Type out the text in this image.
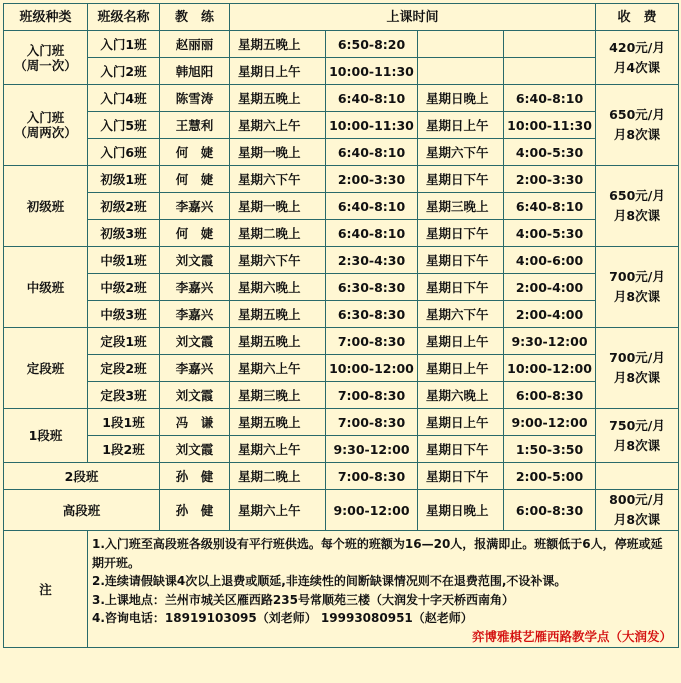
班级种类	班级名称	教　练	上课时间				收　费

入门班
（周一次）	入门1班	赵丽丽	星期五晚上	6:50-8:20			420元/月
月4次课

	入门2班	韩旭阳	星期日上午	10:00-11:30			

入门班
（周两次）	入门4班	陈雪涛	星期五晚上	6:40-8:10	星期日晚上	6:40-8:10	650元/月
月8次课

	入门5班	王慧利	星期六上午	10:00-11:30	星期日上午	10:00-11:30	
	入门6班	何　婕	星期一晚上	6:40-8:10	星期六下午	4:00-5:30	
初级班	初级1班	何　婕	星期六下午	2:00-3:30	星期日下午	2:00-3:30	650元/月
月8次课

	初级2班	李嘉兴	星期一晚上	6:40-8:10	星期三晚上	6:40-8:10	
	初级3班	何　婕	星期二晚上	6:40-8:10	星期日下午	4:00-5:30	
中级班	中级1班	刘文霞	星期六下午	2:30-4:30	星期日下午	4:00-6:00	700元/月
月8次课

	中级2班	李嘉兴	星期六晚上	6:30-8:30	星期日下午	2:00-4:00	
	中级3班	李嘉兴	星期五晚上	6:30-8:30	星期六下午	2:00-4:00	
定段班	定段1班	刘文霞	星期五晚上	7:00-8:30	星期日上午	9:30-12:00	700元/月
月8次课

	定段2班	李嘉兴	星期六上午	10:00-12:00	星期日上午	10:00-12:00	
	定段3班	刘文霞	星期三晚上	7:00-8:30	星期六晚上	6:00-8:30	
1段班	1段1班	冯　谦	星期五晚上	7:00-8:30	星期日上午	9:00-12:00	750元/月
月8次课

	1段2班	刘文霞	星期六上午	9:30-12:00	星期日下午	1:50-3:50	
2段班		孙　健	星期二晚上	7:00-8:30	星期日下午	2:00-5:00	
高段班		孙　健	星期六上午	9:00-12:00	星期日晚上	6:00-8:30	800元/月
月8次课

注	1.入门班至高段班各级别设有平行班供选。每个班的班额为16—20人，报满即止。班额低于6人，停班或延期开班。
2.连续请假缺课4次以上退费或顺延,非连续性的间断缺课情况则不在退费范围,不设补课。
3.上课地点：兰州市城关区雁西路235号常顺苑三楼（大润发十字天桥西南角）
4.咨询电话：18919103095（刘老师） 19993080951（赵老师）
弈博雅棋艺雁西路教学点（大润发）						
